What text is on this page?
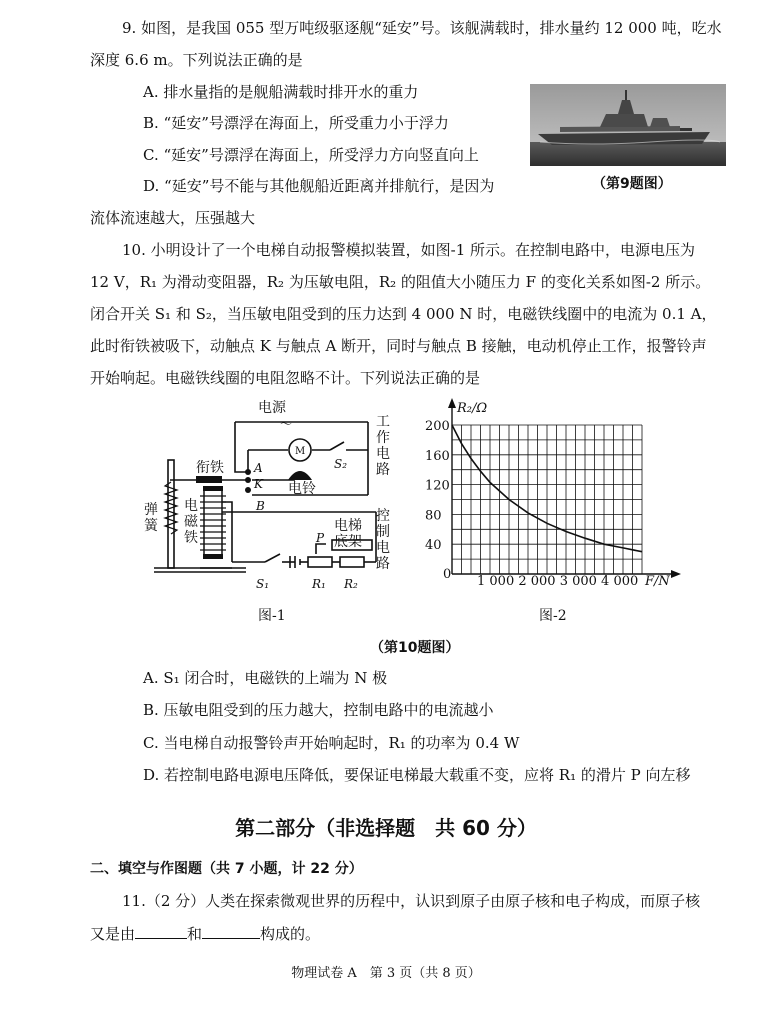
9. 如图，是我国 055 型万吨级驱逐舰“延安”号。该舰满载时，排水量约 12 000 吨，吃水
深度 6.6 m。下列说法正确的是
A. 排水量指的是舰船满载时排开水的重力
B. “延安”号漂浮在海面上，所受重力小于浮力
C. “延安”号漂浮在海面上，所受浮力方向竖直向上
D. “延安”号不能与其他舰船近距离并排航行，是因为
流体流速越大，压强越大
（第9题图）
10. 小明设计了一个电梯自动报警模拟装置，如图-1 所示。在控制电路中，电源电压为
12 V，R₁ 为滑动变阻器，R₂ 为压敏电阻，R₂ 的阻值大小随压力 F 的变化关系如图-2 所示。
闭合开关 S₁ 和 S₂，当压敏电阻受到的压力达到 4 000 N 时，电磁铁线圈中的电流为 0.1 A，
此时衔铁被吸下，动触点 K 与触点 A 断开，同时与触点 B 接触，电动机停止工作，报警铃声
开始响起。电磁铁线圈的电阻忽略不计。下列说法正确的是
电源
～
M
S₂
工
作
电
路
衔铁	A
K
B
电铃
弹
簧
电
磁
铁
电梯
底架
控
制
电
路
P
S₁	R₁ R₂
图-1
200
160
120
80
40
R₂/Ω
1 000 2 000 3 000 4 000 F/N
0
图-2
（第10题图）
A. S₁ 闭合时，电磁铁的上端为 N 极
B. 压敏电阻受到的压力越大，控制电路中的电流越小
C. 当电梯自动报警铃声开始响起时，R₁ 的功率为 0.4 W
D. 若控制电路电源电压降低，要保证电梯最大载重不变，应将 R₁ 的滑片 P 向左移
第二部分（非选择题　共 60 分）
二、填空与作图题（共 7 小题，计 22 分）
11.（2 分）人类在探索微观世界的历程中，认识到原子由原子核和电子构成，而原子核
又是由	和	构成的。
物理试卷 A　第 3 页（共 8 页）
